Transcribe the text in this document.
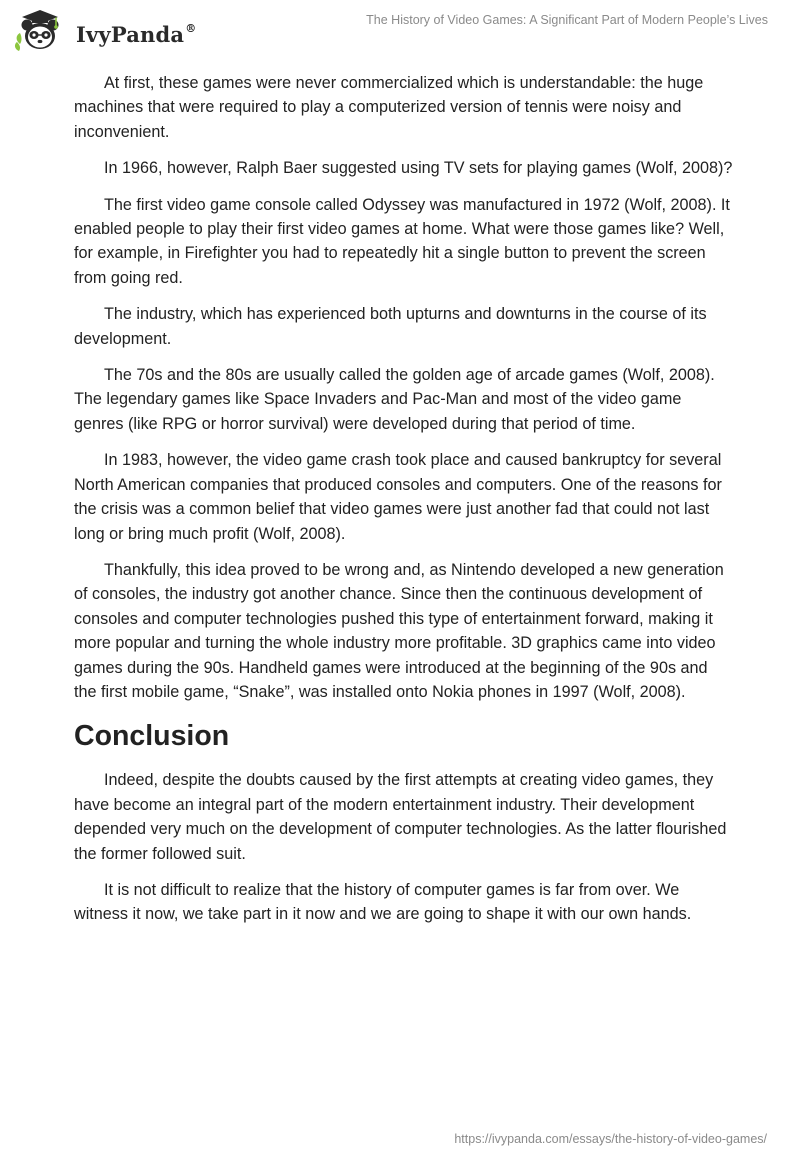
IvyPanda®
The History of Video Games: A Significant Part of Modern People’s Lives

At first, these games were never commercialized which is understandable: the huge machines that were required to play a computerized version of tennis were noisy and inconvenient.

In 1966, however, Ralph Baer suggested using TV sets for playing games (Wolf, 2008)?

The first video game console called Odyssey was manufactured in 1972 (Wolf, 2008). It enabled people to play their first video games at home. What were those games like? Well, for example, in Firefighter you had to repeatedly hit a single button to prevent the screen from going red.

The industry, which has experienced both upturns and downturns in the course of its development.

The 70s and the 80s are usually called the golden age of arcade games (Wolf, 2008). The legendary games like Space Invaders and Pac-Man and most of the video game genres (like RPG or horror survival) were developed during that period of time.

In 1983, however, the video game crash took place and caused bankruptcy for several North American companies that produced consoles and computers. One of the reasons for the crisis was a common belief that video games were just another fad that could not last long or bring much profit (Wolf, 2008).

Thankfully, this idea proved to be wrong and, as Nintendo developed a new generation of consoles, the industry got another chance. Since then the continuous development of consoles and computer technologies pushed this type of entertainment forward, making it more popular and turning the whole industry more profitable. 3D graphics came into video games during the 90s. Handheld games were introduced at the beginning of the 90s and the first mobile game, “Snake”, was installed onto Nokia phones in 1997 (Wolf, 2008).

Conclusion

Indeed, despite the doubts caused by the first attempts at creating video games, they have become an integral part of the modern entertainment industry. Their development depended very much on the development of computer technologies. As the latter flourished the former followed suit.

It is not difficult to realize that the history of computer games is far from over. We witness it now, we take part in it now and we are going to shape it with our own hands.

https://ivypanda.com/essays/the-history-of-video-games/
